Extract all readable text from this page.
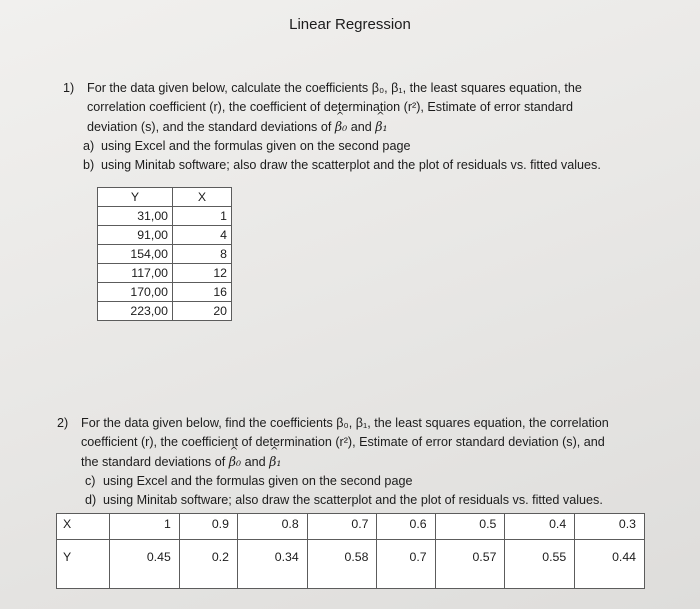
Linear Regression
1)	For the data given below, calculate the coefficients β₀, β₁, the least squares equation, the
correlation coefficient (r), the coefficient of determination (r²), Estimate of error standard
deviation (s), and the standard deviations of ^ β₀ and ^ β₁
a) using Excel and the formulas given on the second page
b) using Minitab software; also draw the scatterplot and the plot of residuals vs. fitted values.
Y	X
31,00	1
91,00	4
154,00	8
117,00	12
170,00	16
223,00	20
2)	For the data given below, find the coefficients β₀, β₁, the least squares equation, the correlation
coefficient (r), the coefficient of determination (r²), Estimate of error standard deviation (s), and
the standard deviations of ^ β₀ and ^ β₁
c) using Excel and the formulas given on the second page
d) using Minitab software; also draw the scatterplot and the plot of residuals vs. fitted values.
X	1	0.9	0.8	0.7	0.6	0.5	0.4	0.3
Y	0.45	0.2	0.34	0.58	0.7	0.57	0.55	0.44
